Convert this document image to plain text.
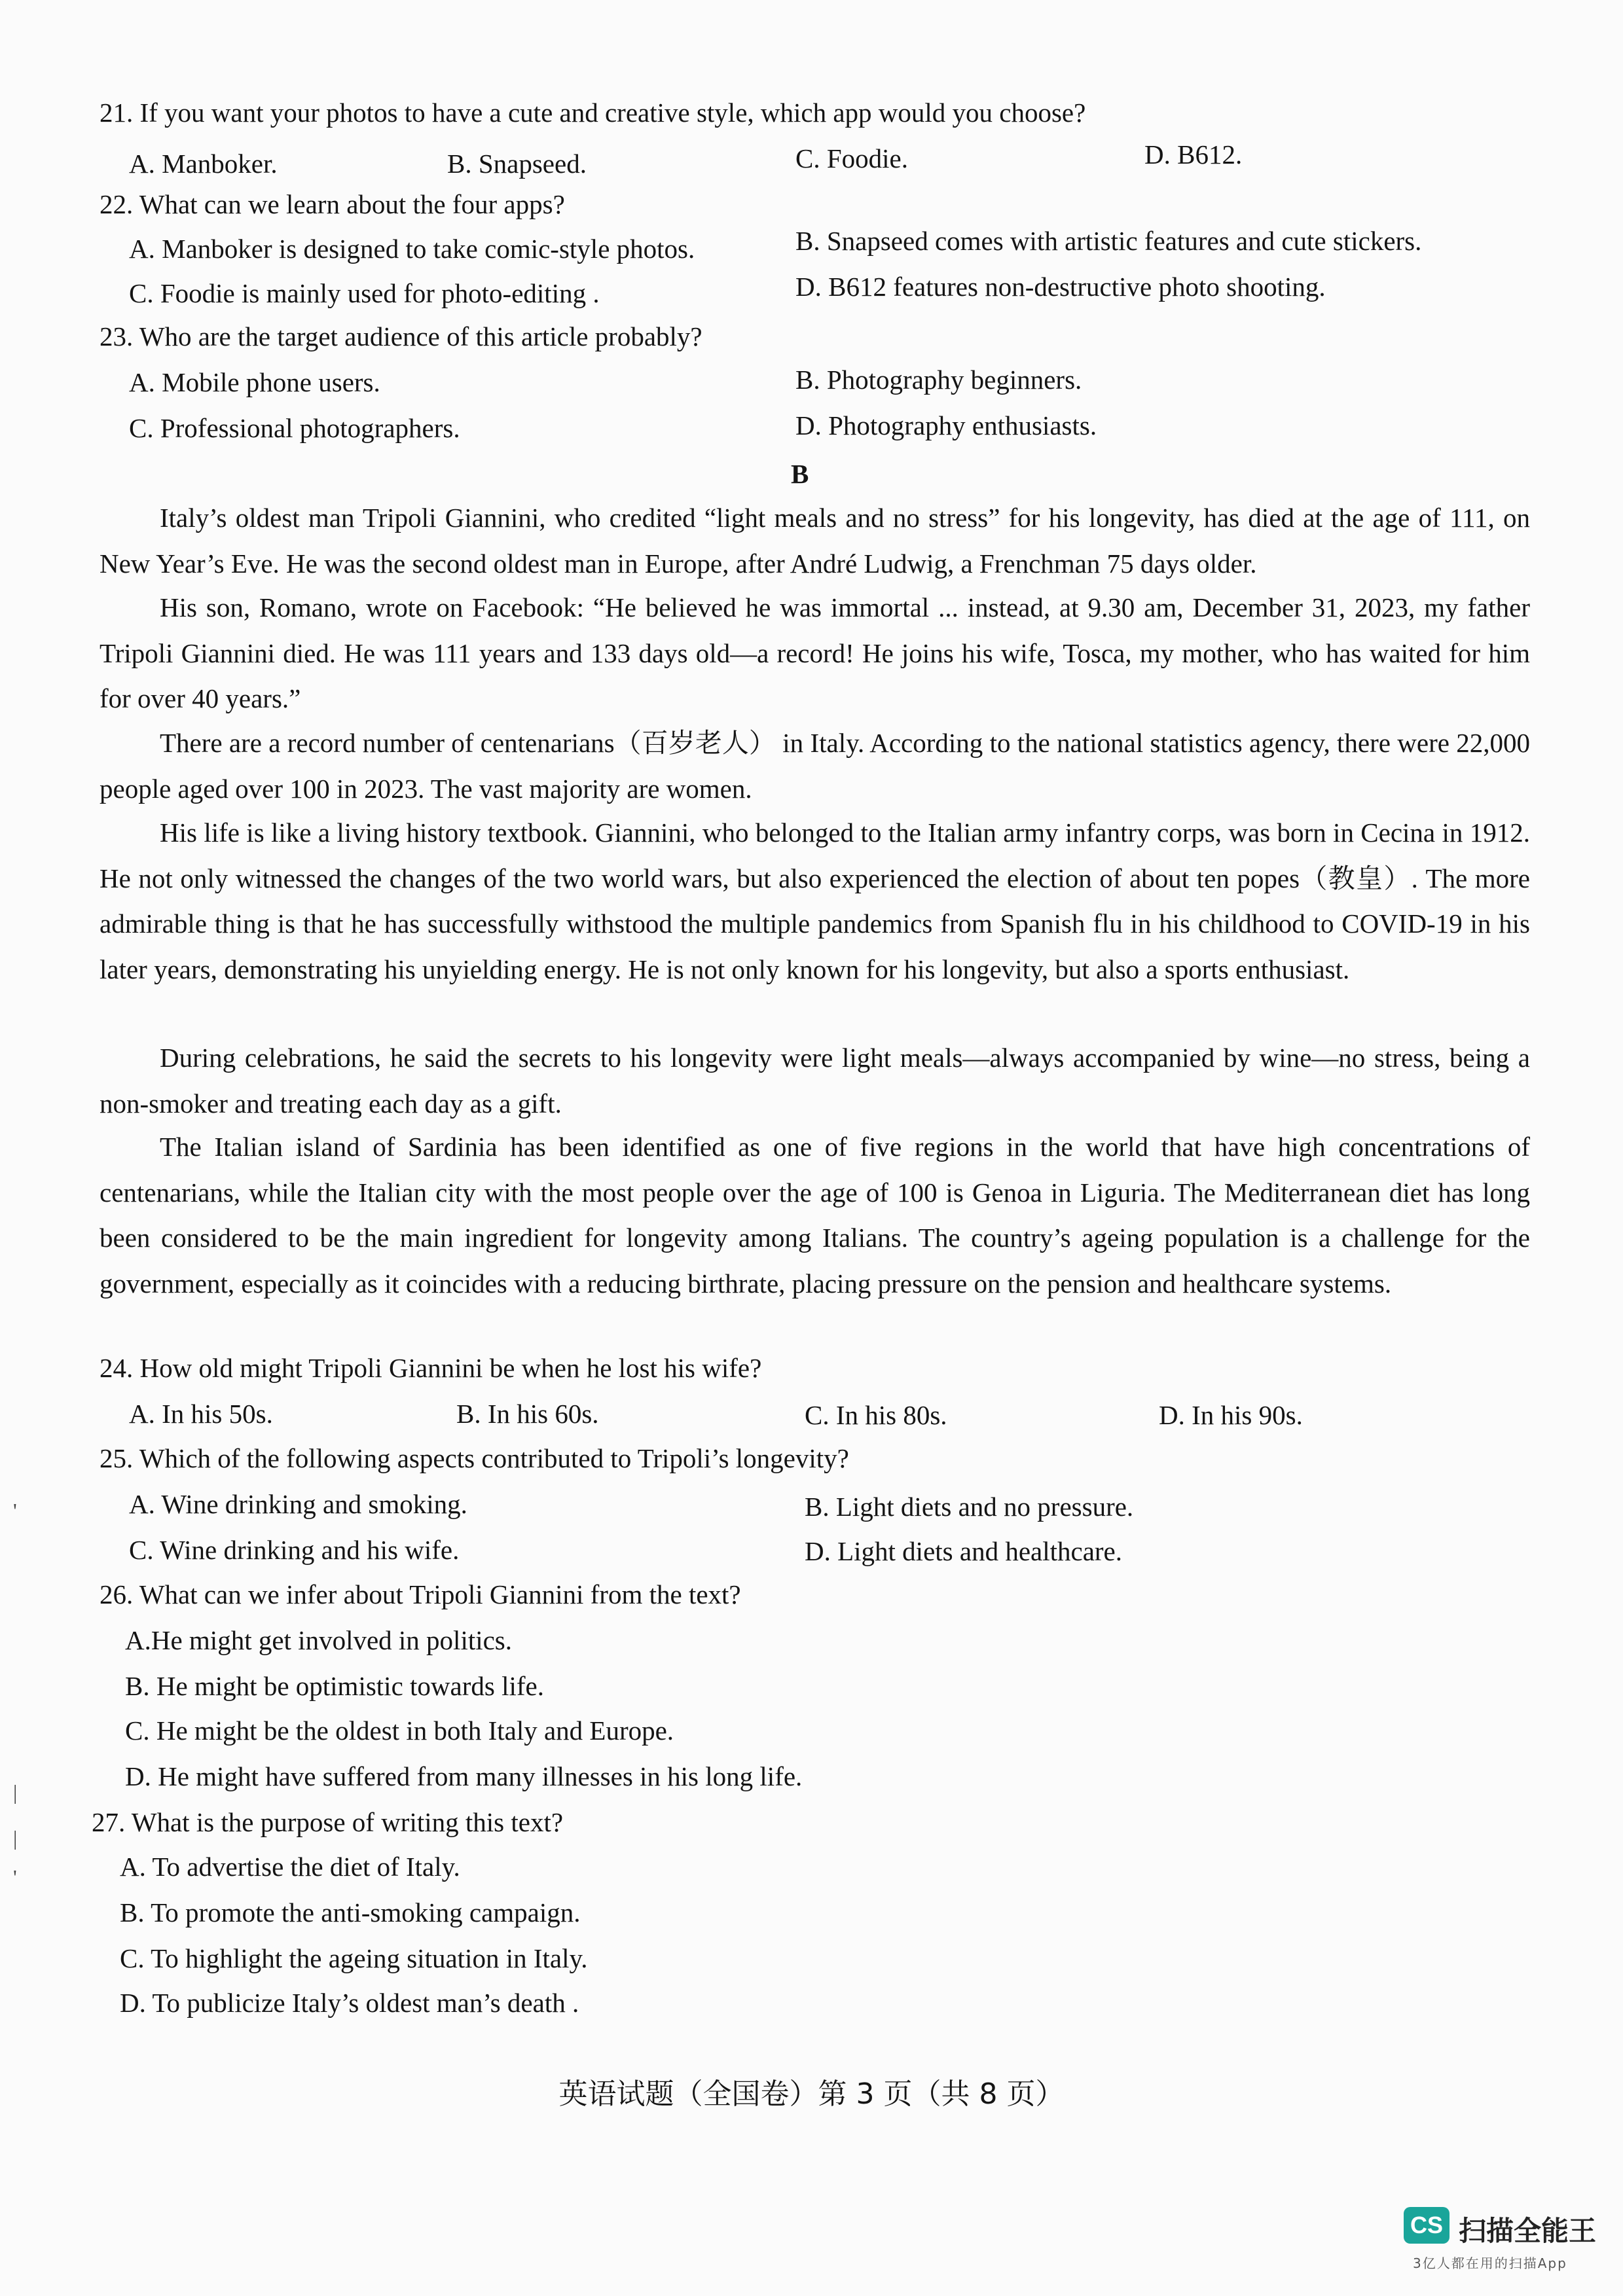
21. If you want your photos to have a cute and creative style, which app would you choose?
A. Manboker.	B. Snapseed.	C. Foodie.	D. B612.
22. What can we learn about the four apps?
A. Manboker is designed to take comic-style photos.	B. Snapseed comes with artistic features and cute stickers.
C. Foodie is mainly used for photo-editing .	D. B612 features non-destructive photo shooting.
23. Who are the target audience of this article probably?
A. Mobile phone users.	B. Photography beginners.
C. Professional photographers.	D. Photography enthusiasts.
B
Italy’s oldest man Tripoli Giannini, who credited “light meals and no stress” for his longevity, has died at the age of 111, on New Year’s Eve. He was the second oldest man in Europe, after André Ludwig, a Frenchman 75 days older.
His son, Romano, wrote on Facebook: “He believed he was immortal ... instead, at 9.30 am, December 31, 2023, my father Tripoli Giannini died. He was 111 years and 133 days old—a record! He joins his wife, Tosca, my mother, who has waited for him for over 40 years.”
There are a record number of centenarians（百岁老人） in Italy. According to the national statistics agency, there were 22,000 people aged over 100 in 2023. The vast majority are women.
His life is like a living history textbook. Giannini, who belonged to the Italian army infantry corps, was born in Cecina in 1912. He not only witnessed the changes of the two world wars, but also experienced the election of about ten popes（教皇）. The more admirable thing is that he has successfully withstood the multiple pandemics from Spanish flu in his childhood to COVID-19 in his later years, demonstrating his unyielding energy. He is not only known for his longevity, but also a sports enthusiast.
During celebrations, he said the secrets to his longevity were light meals—always accompanied by wine—no stress, being a non-smoker and treating each day as a gift.
The Italian island of Sardinia has been identified as one of five regions in the world that have high concentrations of centenarians, while the Italian city with the most people over the age of 100 is Genoa in Liguria. The Mediterranean diet has long been considered to be the main ingredient for longevity among Italians. The country’s ageing population is a challenge for the government, especially as it coincides with a reducing birthrate, placing pressure on the pension and healthcare systems.
24. How old might Tripoli Giannini be when he lost his wife?
A. In his 50s.	B. In his 60s.	C. In his 80s.	D. In his 90s.
25. Which of the following aspects contributed to Tripoli’s longevity?
A. Wine drinking and smoking.	B. Light diets and no pressure.
C. Wine drinking and his wife.	D. Light diets and healthcare.
26. What can we infer about Tripoli Giannini from the text?
A.He might get involved in politics.
B. He might be optimistic towards life.
C. He might be the oldest in both Italy and Europe.
D. He might have suffered from many illnesses in his long life.
27. What is the purpose of writing this text?
A. To advertise the diet of Italy.
B. To promote the anti-smoking campaign.
C. To highlight the ageing situation in Italy.
D. To publicize Italy’s oldest man’s death .
'
|
|
'
英语试题（全国卷）第 3 页（共 8 页）
CS 扫描全能王
3亿人都在用的扫描App
